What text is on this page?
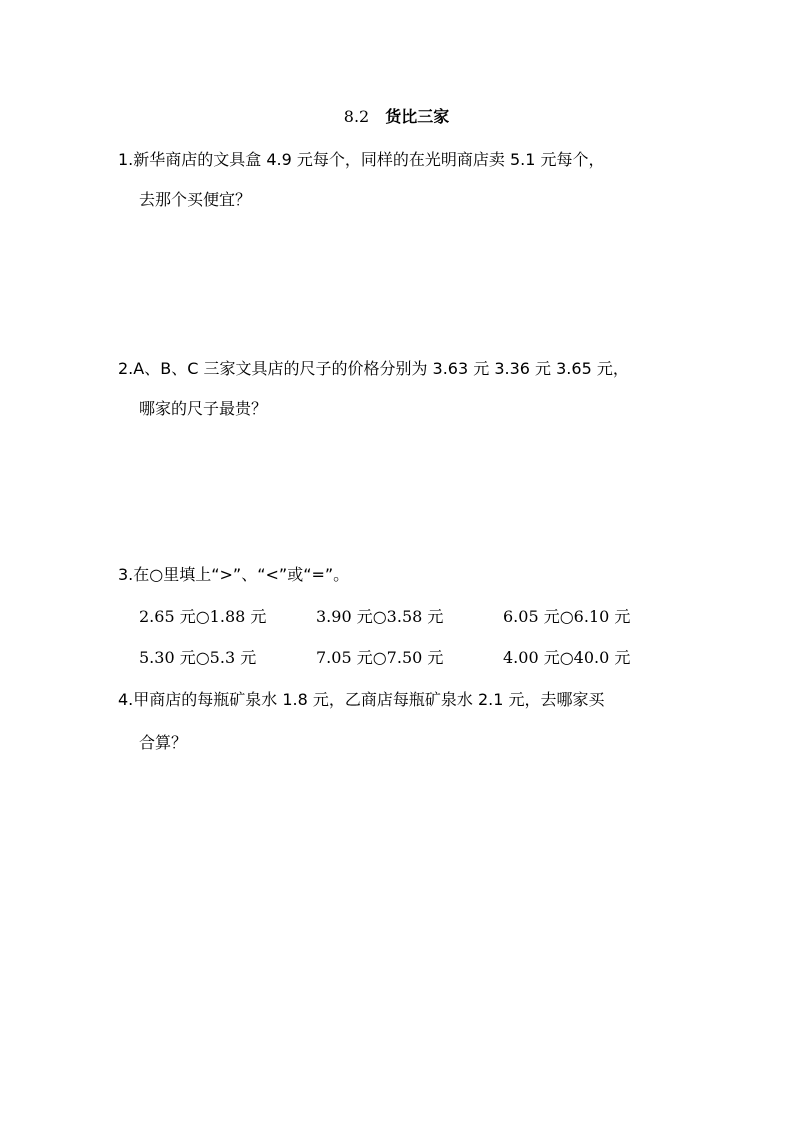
8.2 货比三家
1.新华商店的文具盒 4.9 元每个，同样的在光明商店卖 5.1 元每个，
去那个买便宜？
2.A、B、C 三家文具店的尺子的价格分别为 3.63 元 3.36 元 3.65 元，
哪家的尺子最贵？
3.在○里填上“>”、“<”或“=”。
2.65 元○1.88 元	3.90 元○3.58 元	6.05 元○6.10 元
5.30 元○5.3 元	7.05 元○7.50 元	4.00 元○40.0 元
4.甲商店的每瓶矿泉水 1.8 元，乙商店每瓶矿泉水 2.1 元，去哪家买
合算？
